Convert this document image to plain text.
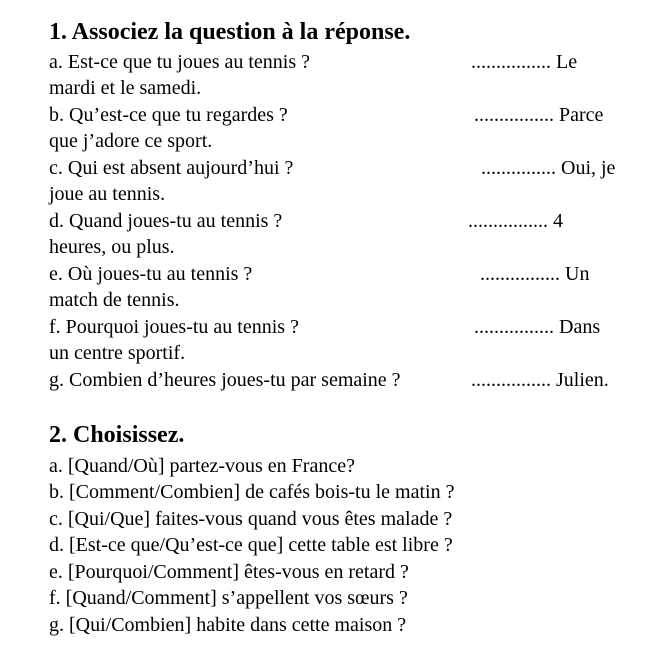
1. Associez la question à la réponse.
a. Est-ce que tu joues au tennis ?	................ Le
mardi et le samedi.
b. Qu’est-ce que tu regardes ?	................ Parce
que j’adore ce sport.
c. Qui est absent aujourd’hui ?	............... Oui, je
joue au tennis.
d. Quand joues-tu au tennis ?	................ 4
heures, ou plus.
e. Où joues-tu au tennis ?	................ Un
match de tennis.
f. Pourquoi joues-tu au tennis ?	................ Dans
un centre sportif.
g. Combien d’heures joues-tu par semaine ?	................ Julien.
2. Choisissez.
a. [Quand/Où] partez-vous en France?
b. [Comment/Combien] de cafés bois-tu le matin ?
c. [Qui/Que] faites-vous quand vous êtes malade ?
d. [Est-ce que/Qu’est-ce que] cette table est libre ?
e. [Pourquoi/Comment] êtes-vous en retard ?
f. [Quand/Comment] s’appellent vos sœurs ?
g. [Qui/Combien] habite dans cette maison ?
